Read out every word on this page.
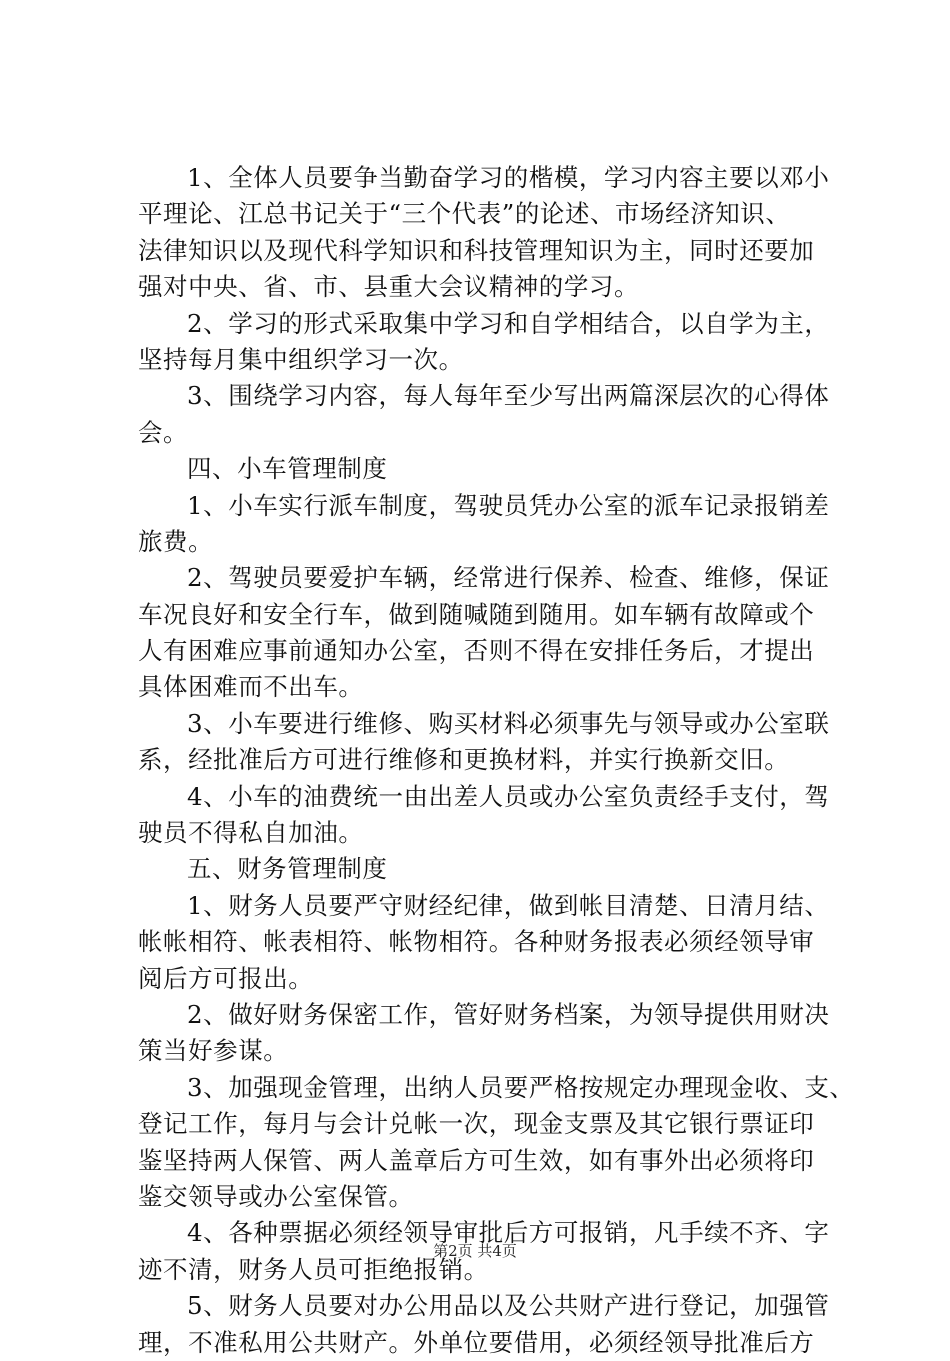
1、全体人员要争当勤奋学习的楷模，学习内容主要以邓小
平理论、江总书记关于“三个代表”的论述、市场经济知识、
法律知识以及现代科学知识和科技管理知识为主，同时还要加
强对中央、省、市、县重大会议精神的学习。
2、学习的形式采取集中学习和自学相结合，以自学为主，
坚持每月集中组织学习一次。
3、围绕学习内容，每人每年至少写出两篇深层次的心得体
会。
四、小车管理制度
1、小车实行派车制度，驾驶员凭办公室的派车记录报销差
旅费。
2、驾驶员要爱护车辆，经常进行保养、检查、维修，保证
车况良好和安全行车，做到随喊随到随用。如车辆有故障或个
人有困难应事前通知办公室，否则不得在安排任务后，才提出
具体困难而不出车。
3、小车要进行维修、购买材料必须事先与领导或办公室联
系，经批准后方可进行维修和更换材料，并实行换新交旧。
4、小车的油费统一由出差人员或办公室负责经手支付，驾
驶员不得私自加油。
五、财务管理制度
1、财务人员要严守财经纪律，做到帐目清楚、日清月结、
帐帐相符、帐表相符、帐物相符。各种财务报表必须经领导审
阅后方可报出。
2、做好财务保密工作，管好财务档案，为领导提供用财决
策当好参谋。
3、加强现金管理，出纳人员要严格按规定办理现金收、支、
登记工作，每月与会计兑帐一次，现金支票及其它银行票证印
鉴坚持两人保管、两人盖章后方可生效，如有事外出必须将印
鉴交领导或办公室保管。
4、各种票据必须经领导审批后方可报销，凡手续不齐、字
迹不清，财务人员可拒绝报销。
5、财务人员要对办公用品以及公共财产进行登记，加强管
理，不准私用公共财产。外单位要借用，必须经领导批准后方
第2页 共4页
